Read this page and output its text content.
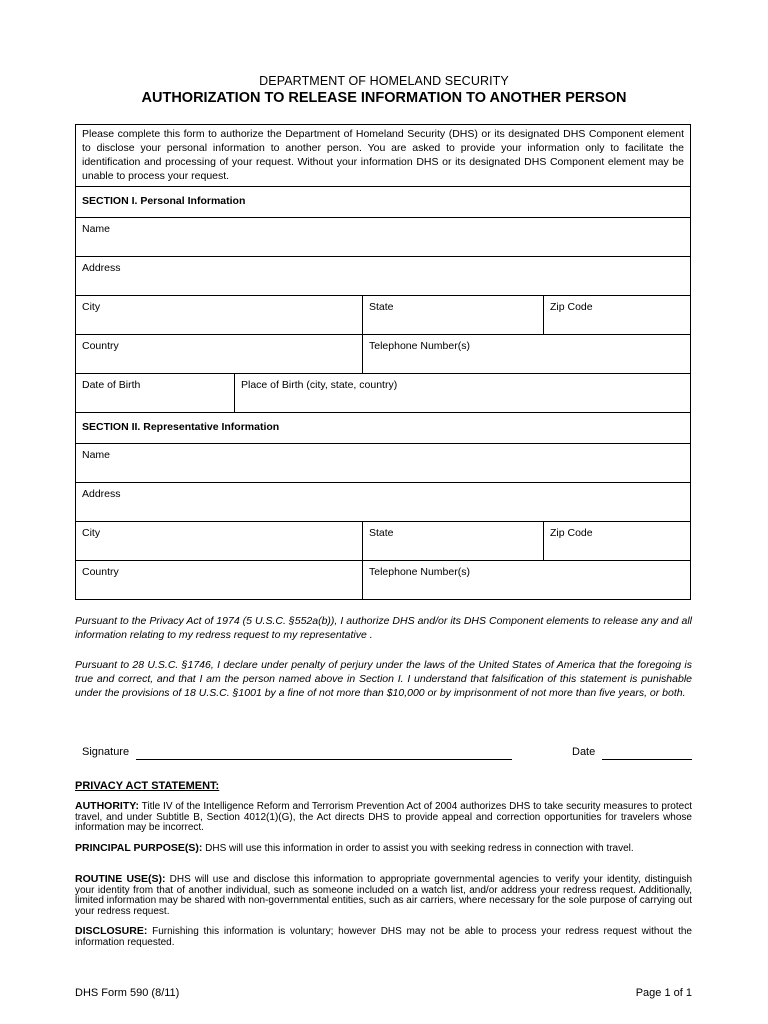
DEPARTMENT OF HOMELAND SECURITY
AUTHORIZATION TO RELEASE INFORMATION TO ANOTHER PERSON
Please complete this form to authorize the Department of Homeland Security (DHS) or its designated DHS Component element to disclose your personal information to another person. You are asked to provide your information only to facilitate the identification and processing of your request. Without your information DHS or its designated DHS Component element may be unable to process your request.
SECTION I. Personal Information
Name
Address
City	State	Zip Code
Country	Telephone Number(s)
Date of Birth	Place of Birth (city, state, country)
SECTION II. Representative Information
Name
Address
City	State	Zip Code
Country	Telephone Number(s)
Pursuant to the Privacy Act of 1974 (5 U.S.C. §552a(b)), I authorize DHS and/or its DHS Component elements to release any and all information relating to my redress request to my representative .
Pursuant to 28 U.S.C. §1746, I declare under penalty of perjury under the laws of the United States of America that the foregoing is true and correct, and that I am the person named above in Section I. I understand that falsification of this statement is punishable under the provisions of 18 U.S.C. §1001 by a fine of not more than $10,000 or by imprisonment of not more than five years, or both.
Signature	Date
PRIVACY ACT STATEMENT:
AUTHORITY: Title IV of the Intelligence Reform and Terrorism Prevention Act of 2004 authorizes DHS to take security measures to protect travel, and under Subtitle B, Section 4012(1)(G), the Act directs DHS to provide appeal and correction opportunities for travelers whose information may be incorrect.
PRINCIPAL PURPOSE(S): DHS will use this information in order to assist you with seeking redress in connection with travel.
ROUTINE USE(S): DHS will use and disclose this information to appropriate governmental agencies to verify your identity, distinguish your identity from that of another individual, such as someone included on a watch list, and/or address your redress request. Additionally, limited information may be shared with non-governmental entities, such as air carriers, where necessary for the sole purpose of carrying out your redress request.
DISCLOSURE: Furnishing this information is voluntary; however DHS may not be able to process your redress request without the information requested.
DHS Form 590 (8/11)	Page 1 of 1
